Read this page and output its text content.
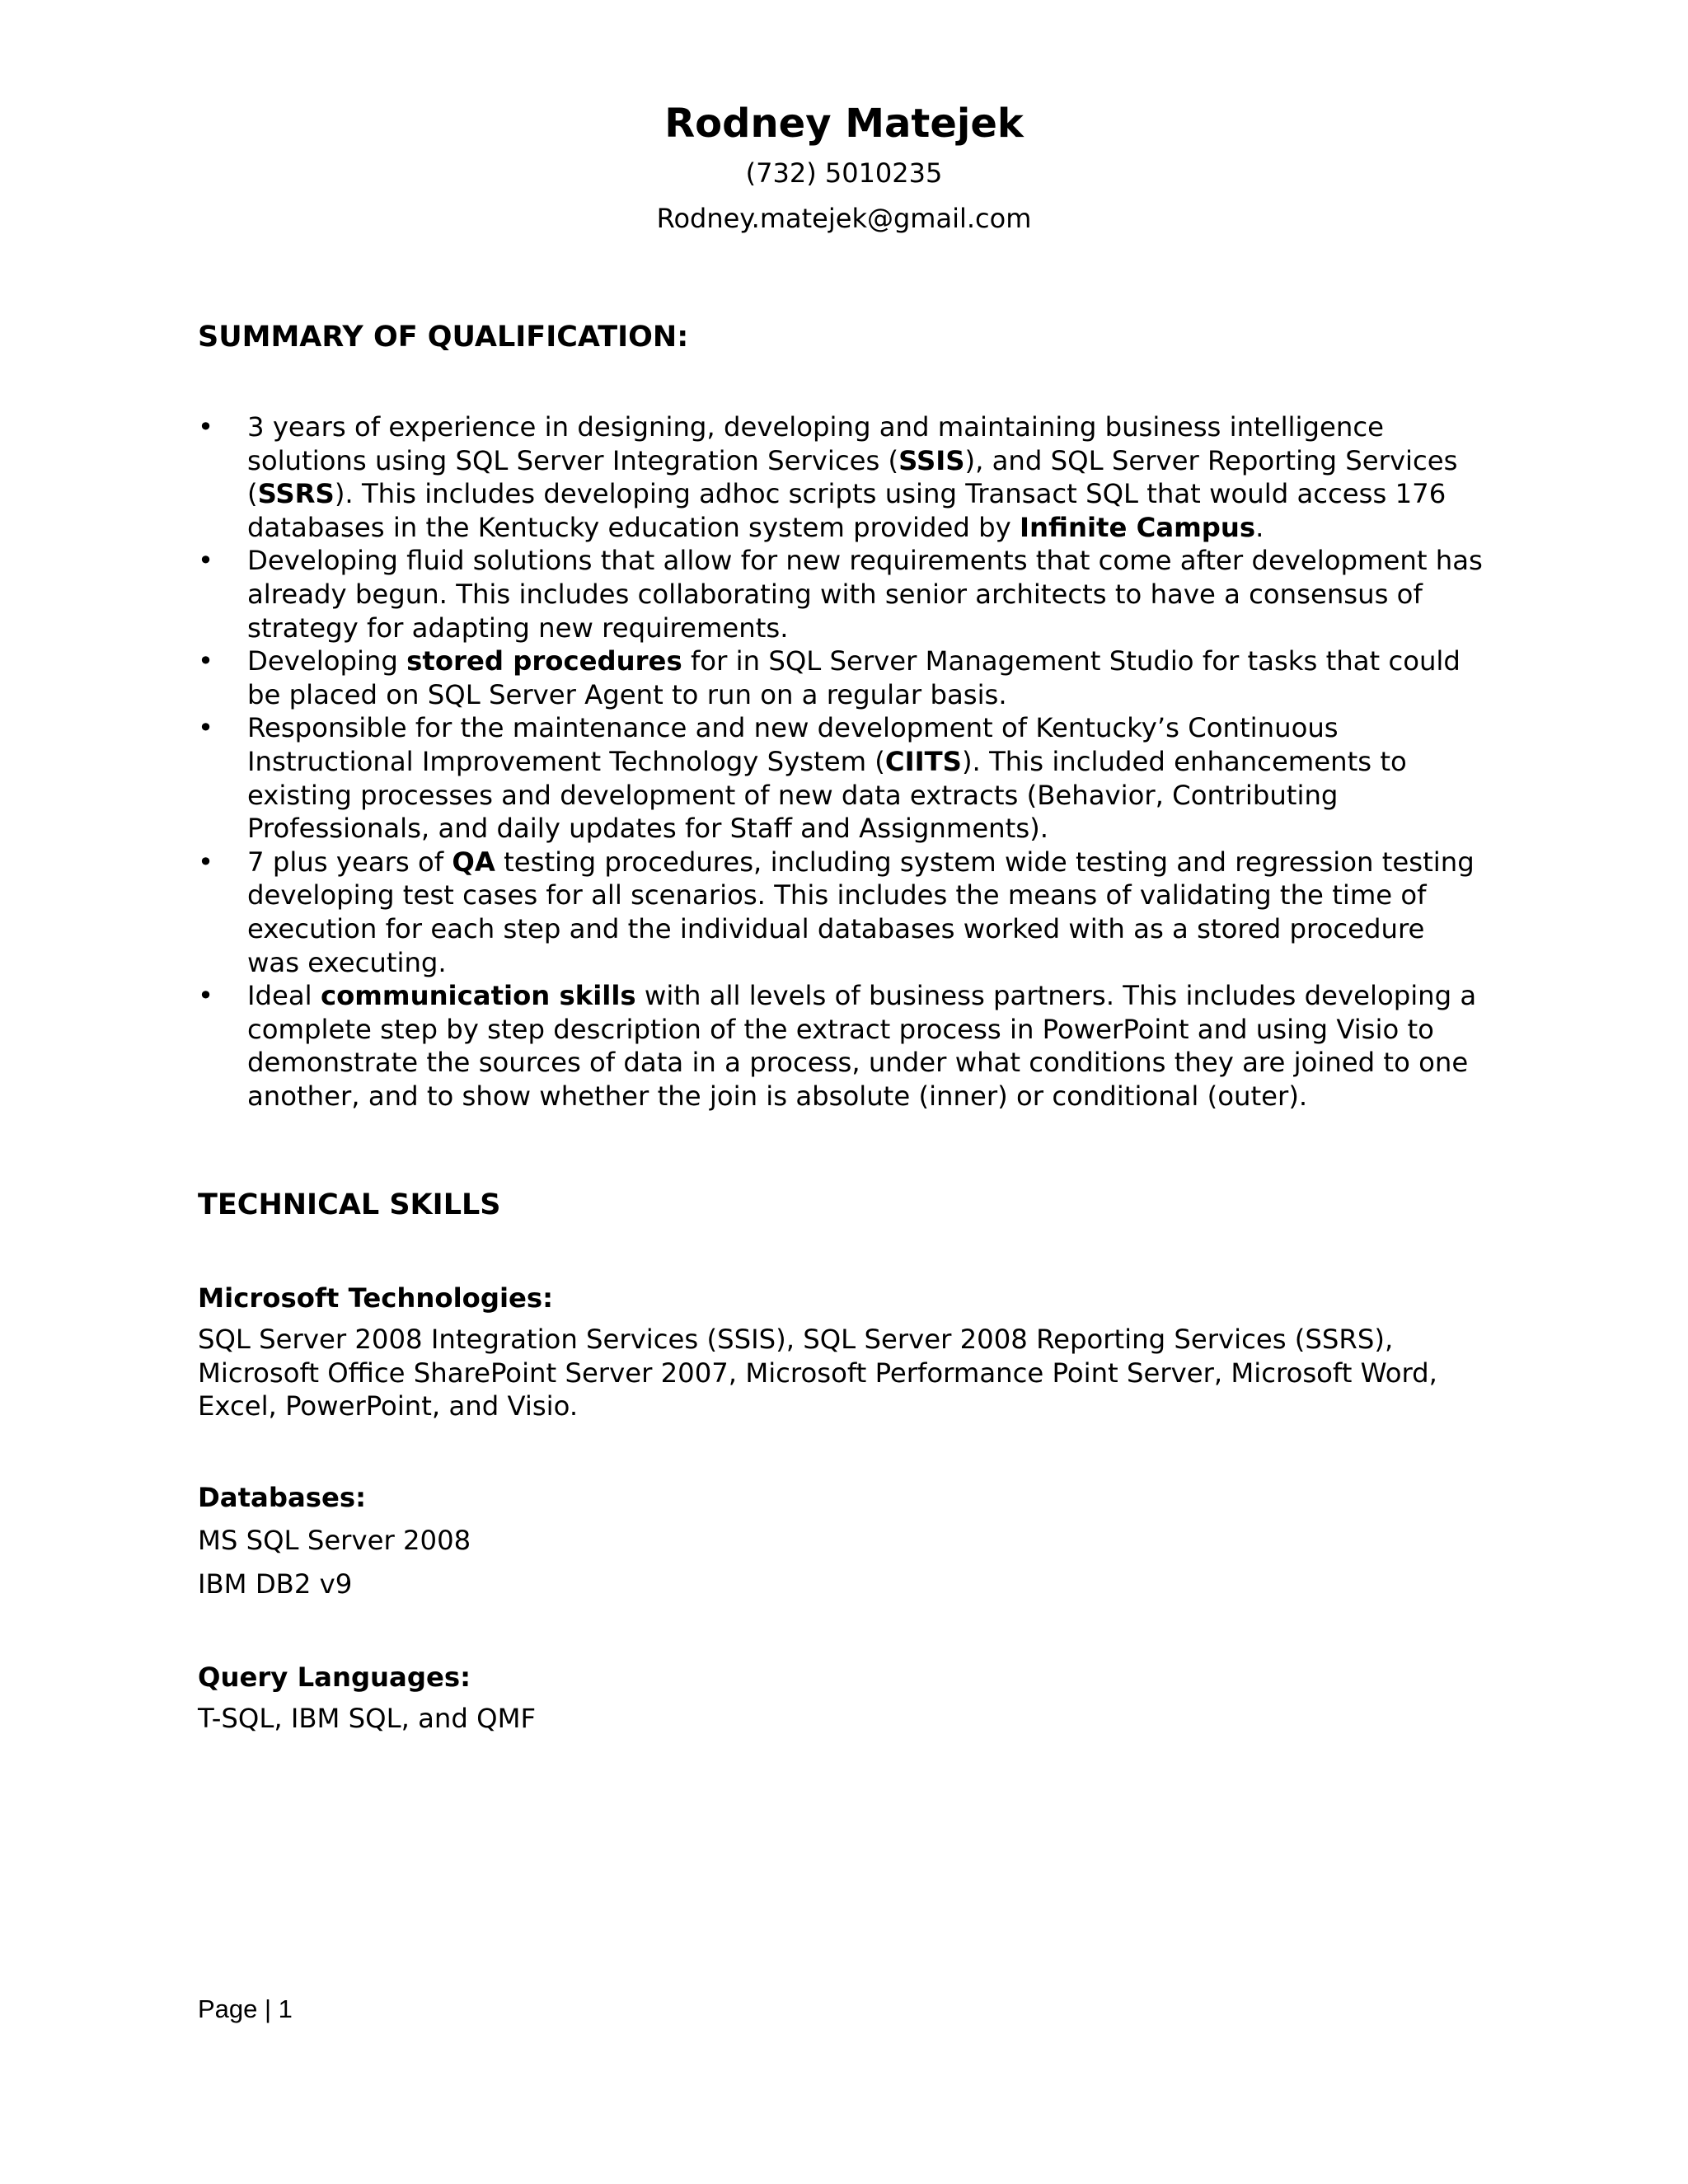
Rodney Matejek
(732) 5010235
Rodney.matejek@gmail.com
SUMMARY OF QUALIFICATION:
•	3 years of experience in designing, developing and maintaining business intelligence solutions using SQL Server Integration Services (SSIS), and SQL Server Reporting Services (SSRS). This includes developing adhoc scripts using Transact SQL that would access 176 databases in the Kentucky education system provided by Infinite Campus.
•	Developing fluid solutions that allow for new requirements that come after development has already begun. This includes collaborating with senior architects to have a consensus of strategy for adapting new requirements.
•	Developing stored procedures for in SQL Server Management Studio for tasks that could be placed on SQL Server Agent to run on a regular basis.
•	Responsible for the maintenance and new development of Kentucky’s Continuous Instructional Improvement Technology System (CIITS). This included enhancements to existing processes and development of new data extracts (Behavior, Contributing Professionals, and daily updates for Staff and Assignments).
•	7 plus years of QA testing procedures, including system wide testing and regression testing developing test cases for all scenarios. This includes the means of validating the time of execution for each step and the individual databases worked with as a stored procedure was executing.
•	Ideal communication skills with all levels of business partners. This includes developing a complete step by step description of the extract process in PowerPoint and using Visio to demonstrate the sources of data in a process, under what conditions they are joined to one another, and to show whether the join is absolute (inner) or conditional (outer).
TECHNICAL SKILLS
Microsoft Technologies:

SQL Server 2008 Integration Services (SSIS), SQL Server 2008 Reporting Services (SSRS), Microsoft Office SharePoint Server 2007, Microsoft Performance Point Server, Microsoft Word, Excel, PowerPoint, and Visio.

Databases:
MS SQL Server 2008
IBM DB2 v9
Query Languages:

T-SQL, IBM SQL, and QMF

Page | 1
